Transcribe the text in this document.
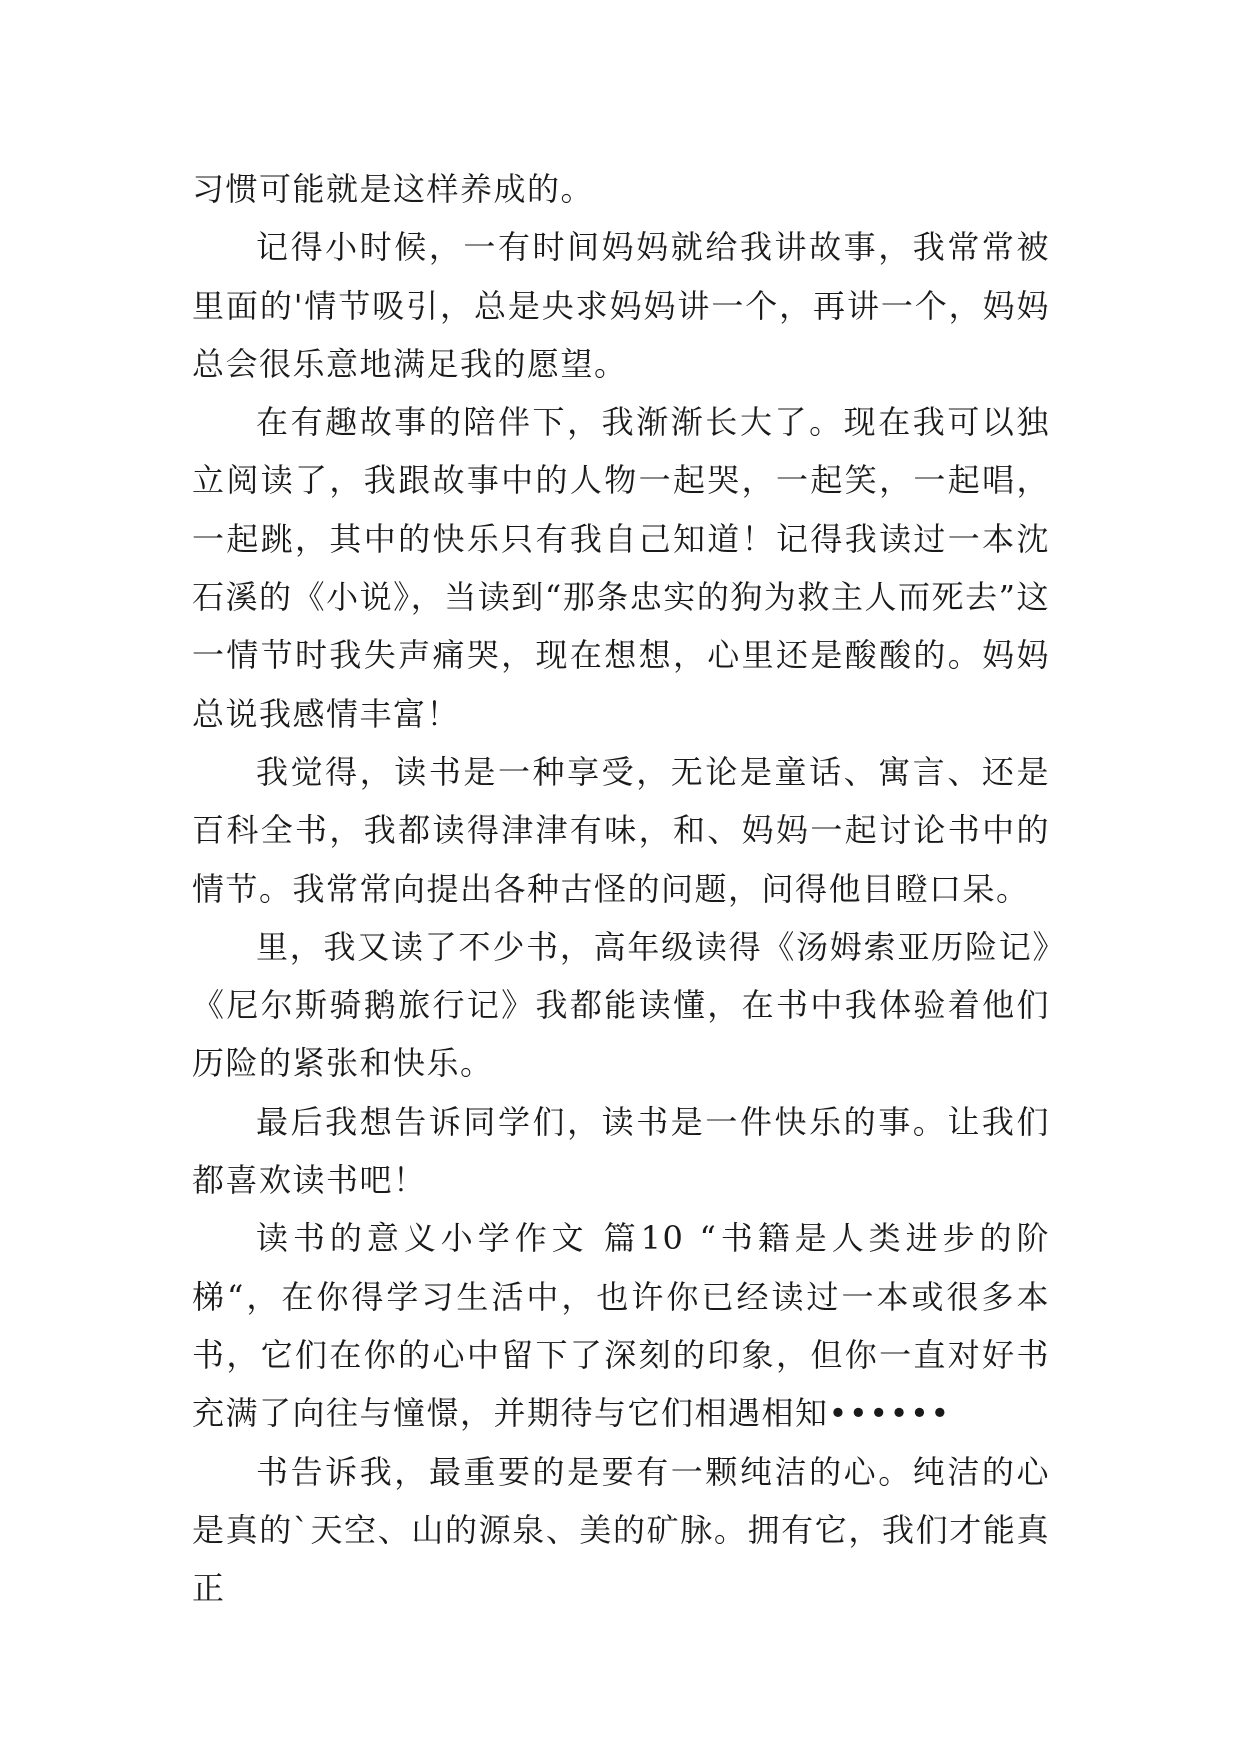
习惯可能就是这样养成的。

记得小时候，一有时间妈妈就给我讲故事，我常常被里面的'情节吸引，总是央求妈妈讲一个，再讲一个，妈妈总会很乐意地满足我的愿望。

在有趣故事的陪伴下，我渐渐长大了。现在我可以独立阅读了，我跟故事中的人物一起哭，一起笑，一起唱，一起跳，其中的快乐只有我自己知道！记得我读过一本沈石溪的《小说》，当读到“那条忠实的狗为救主人而死去”这一情节时我失声痛哭，现在想想，心里还是酸酸的。妈妈总说我感情丰富！

我觉得，读书是一种享受，无论是童话、寓言、还是百科全书，我都读得津津有味，和、妈妈一起讨论书中的情节。我常常向提出各种古怪的问题，问得他目瞪口呆。

里，我又读了不少书，高年级读得《汤姆索亚历险记》《尼尔斯骑鹅旅行记》我都能读懂，在书中我体验着他们历险的紧张和快乐。

最后我想告诉同学们，读书是一件快乐的事。让我们都喜欢读书吧！

读书的意义小学作文 篇10 “书籍是人类进步的阶梯“，在你得学习生活中，也许你已经读过一本或很多本书，它们在你的心中留下了深刻的印象，但你一直对好书充满了向往与憧憬，并期待与它们相遇相知••••••

书告诉我，最重要的是要有一颗纯洁的心。纯洁的心是真的`天空、山的源泉、美的矿脉。拥有它，我们才能真正
